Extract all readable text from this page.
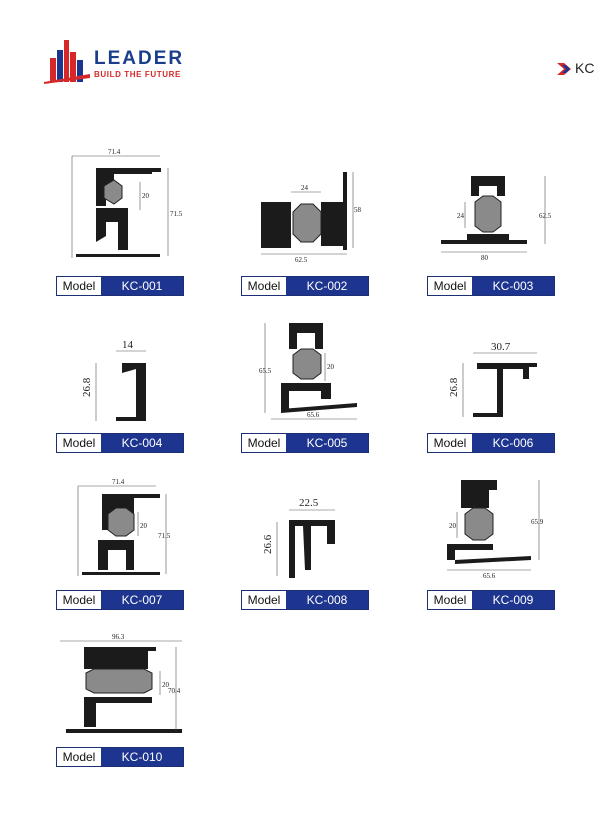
LEADER
BUILD THE FUTURE	KC
71.4
20
71.5
Model	KC-001
24
58
62.5
Model	KC-002
24	62.5
80
Model	KC-003
14
26.8
Model	KC-004
65.5	20
65.6
Model	KC-005
30.7
26.8
Model	KC-006
71.4
20
71.5
Model	KC-007
22.5
26.6
Model	KC-008
20	65.9
65.6
Model	KC-009
96.3
20
70.4
Model	KC-010
